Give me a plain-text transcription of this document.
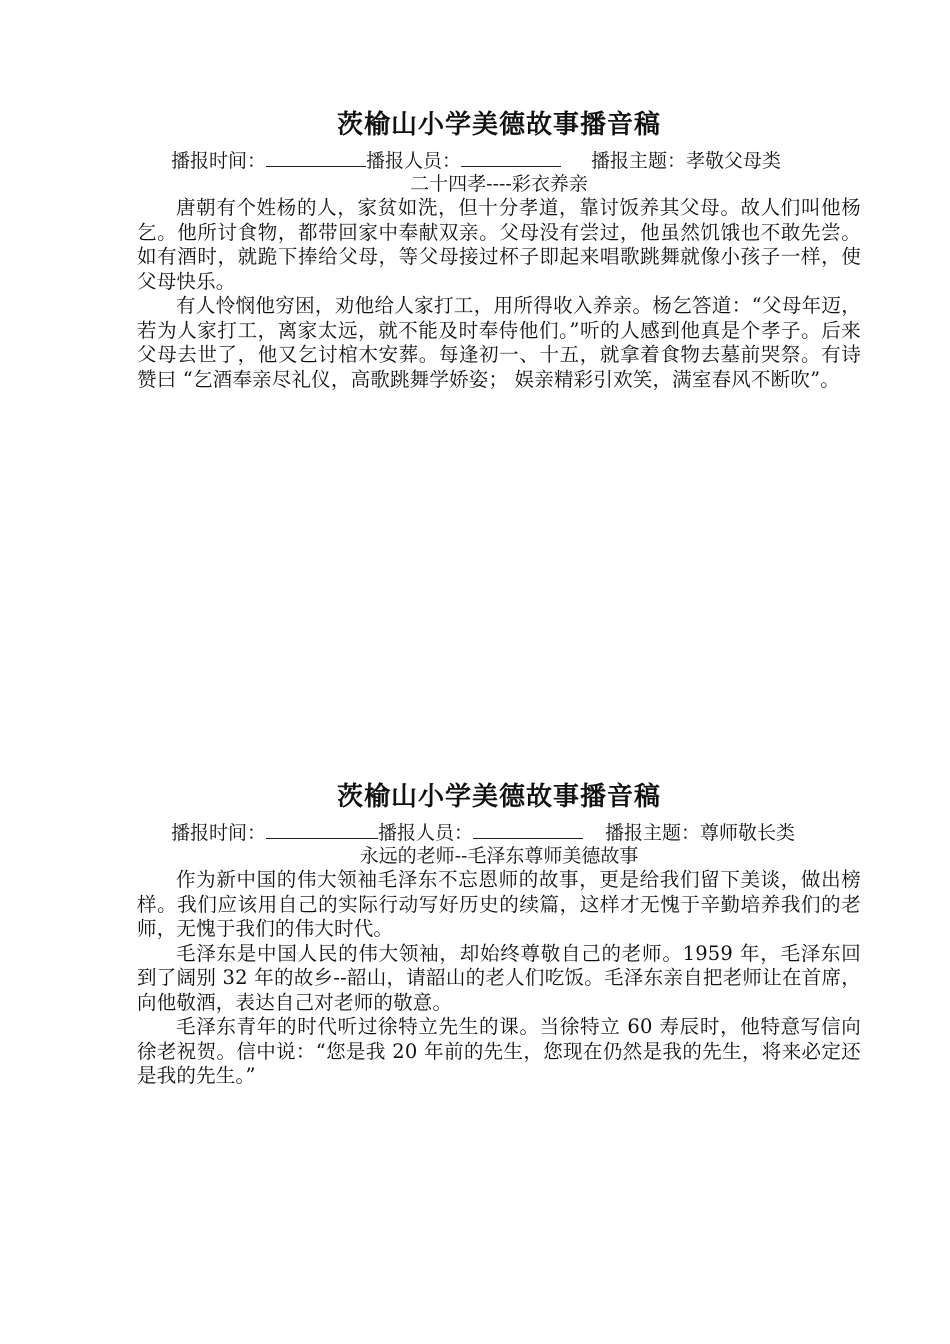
茨榆山小学美德故事播音稿
播报时间：	播报人员：	播报主题：孝敬父母类

二十四孝----彩衣养亲

唐朝有个姓杨的人，家贫如洗，但十分孝道，靠讨饭养其父母。故人们叫他杨乞。他所讨食物，都带回家中奉献双亲。父母没有尝过，他虽然饥饿也不敢先尝。如有酒时，就跪下捧给父母，等父母接过杯子即起来唱歌跳舞就像小孩子一样，使父母快乐。

有人怜悯他穷困，劝他给人家打工，用所得收入养亲。杨乞答道：“父母年迈，若为人家打工，离家太远，就不能及时奉侍他们。”听的人感到他真是个孝子。后来父母去世了，他又乞讨棺木安葬。每逢初一、十五，就拿着食物去墓前哭祭。有诗赞曰 “乞酒奉亲尽礼仪，高歌跳舞学娇姿； 娱亲精彩引欢笑，满室春风不断吹”。

茨榆山小学美德故事播音稿
播报时间：	播报人员：	播报主题：尊师敬长类

永远的老师--毛泽东尊师美德故事

作为新中国的伟大领袖毛泽东不忘恩师的故事，更是给我们留下美谈，做出榜样。我们应该用自己的实际行动写好历史的续篇，这样才无愧于辛勤培养我们的老师，无愧于我们的伟大时代。

毛泽东是中国人民的伟大领袖，却始终尊敬自己的老师。1959 年，毛泽东回到了阔别 32 年的故乡--韶山，请韶山的老人们吃饭。毛泽东亲自把老师让在首席，向他敬酒，表达自己对老师的敬意。

毛泽东青年的时代听过徐特立先生的课。当徐特立 60 寿辰时，他特意写信向徐老祝贺。信中说：“您是我 20 年前的先生，您现在仍然是我的先生，将来必定还是我的先生。”
